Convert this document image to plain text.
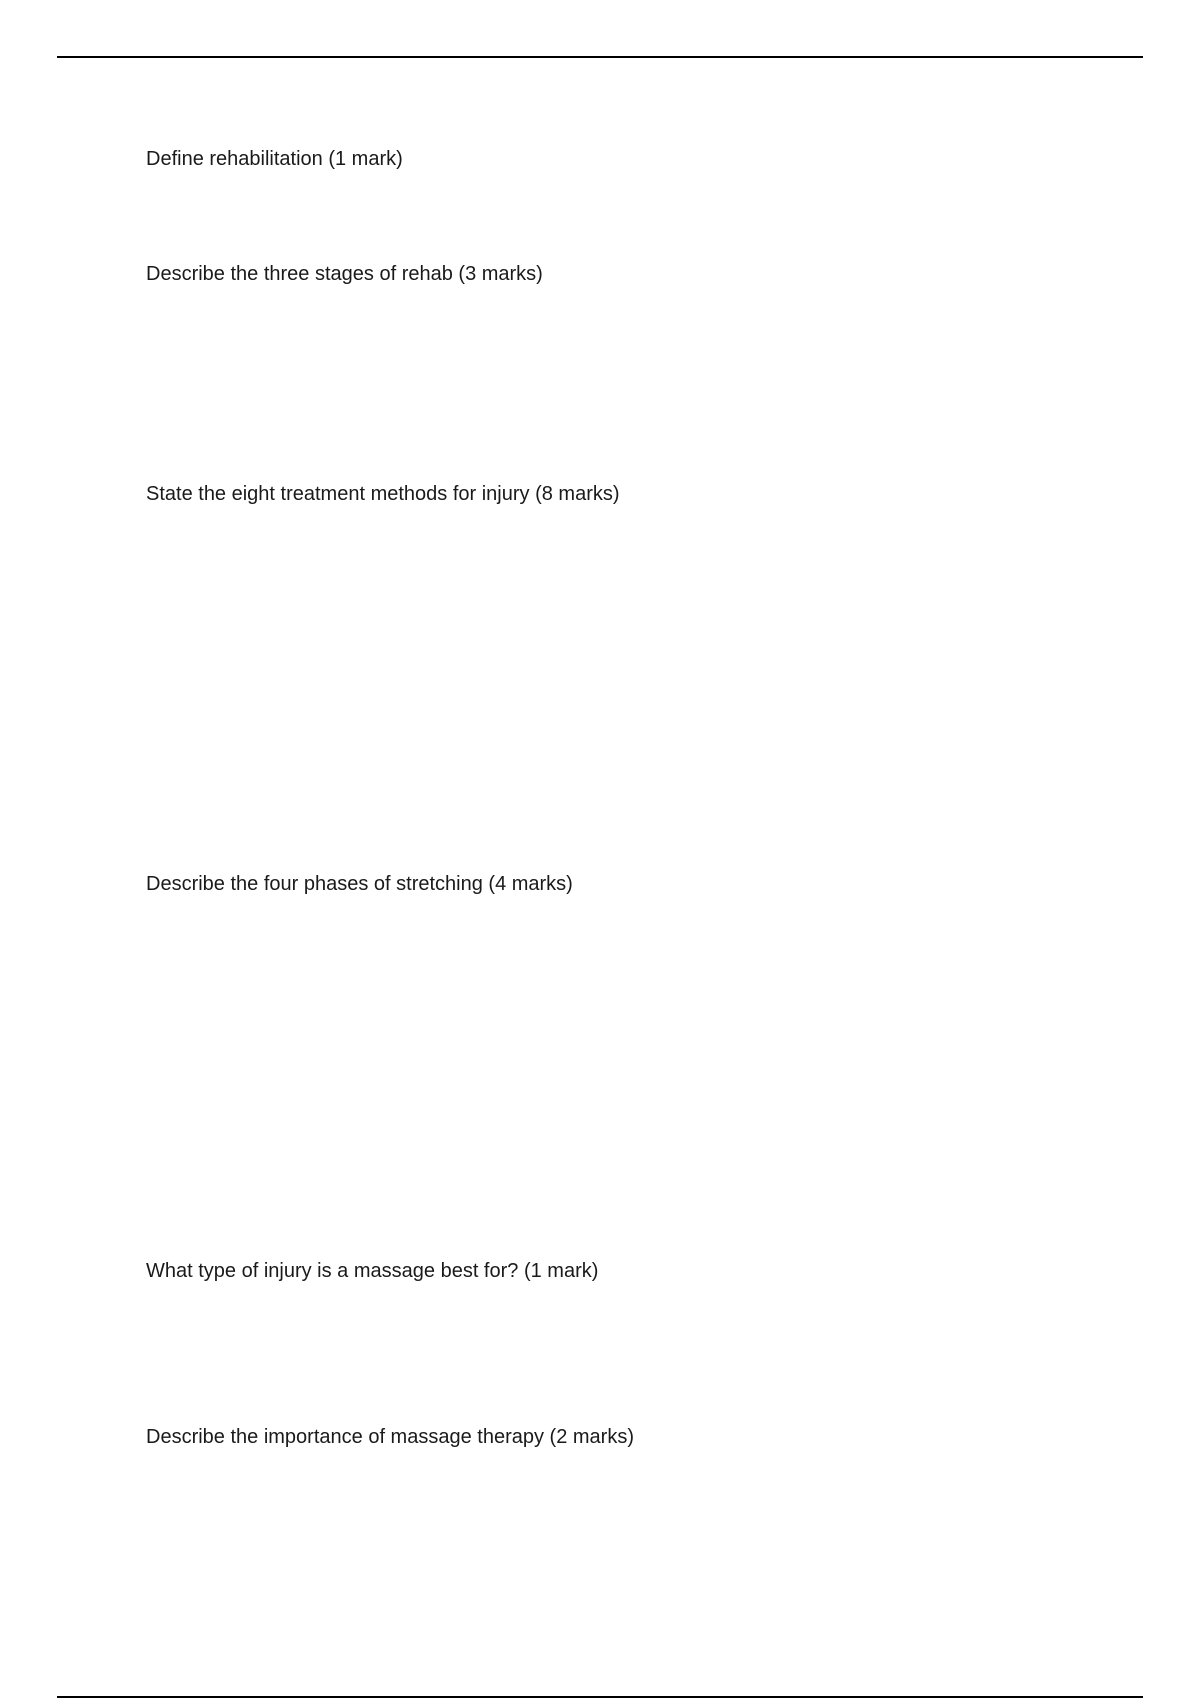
Define rehabilitation (1 mark)

Describe the three stages of rehab (3 marks)

State the eight treatment methods for injury (8 marks)

Describe the four phases of stretching (4 marks)

What type of injury is a massage best for? (1 mark)

Describe the importance of massage therapy (2 marks)
